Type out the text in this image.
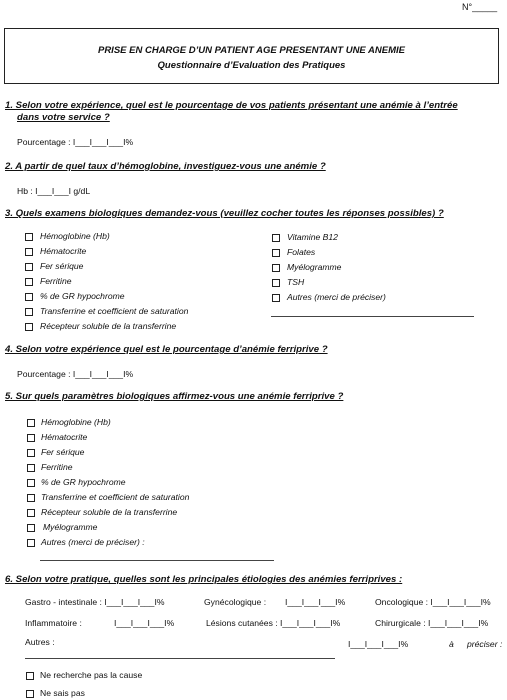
N°_____
PRISE EN CHARGE D’UN PATIENT AGE PRESENTANT UNE ANEMIE
Questionnaire d’Evaluation des Pratiques
1. Selon votre expérience, quel est le pourcentage de vos patients présentant une anémie à l’entrée
dans votre service ?
Pourcentage : I___I___I___I%
2. A partir de quel taux d’hémoglobine, investiguez-vous une anémie ?
Hb : I___I___I g/dL
3. Quels examens biologiques demandez-vous (veuillez cocher toutes les réponses possibles) ?
Hémoglobine (Hb)
Hématocrite
Fer sérique
Ferritine
% de GR hypochrome
Transferrine et coefficient de saturation
Récepteur soluble de la transferrine
Vitamine B12
Folates
Myélogramme
TSH
Autres (merci de préciser)
4. Selon votre expérience quel est le pourcentage d’anémie ferriprive ?
Pourcentage : I___I___I___I%
5. Sur quels paramètres biologiques affirmez-vous une anémie ferriprive ?
Hémoglobine (Hb)
Hématocrite
Fer sérique
Ferritine
% de GR hypochrome
Transferrine et coefficient de saturation
Récepteur soluble de la transferrine
Myélogramme
Autres (merci de préciser) :
6. Selon votre pratique, quelles sont les principales étiologies des anémies ferriprives :
Gastro - intestinale : I___I___I___I%	Gynécologique : I___I___I___I%	Oncologique : I___I___I___I%
Inflammatoire :	I___I___I___I%	Lésions cutanées : I___I___I___I%	Chirurgicale : I___I___I___I%
Autres :	I___I___I___I%	à préciser :
Ne recherche pas la cause
Ne sais pas
